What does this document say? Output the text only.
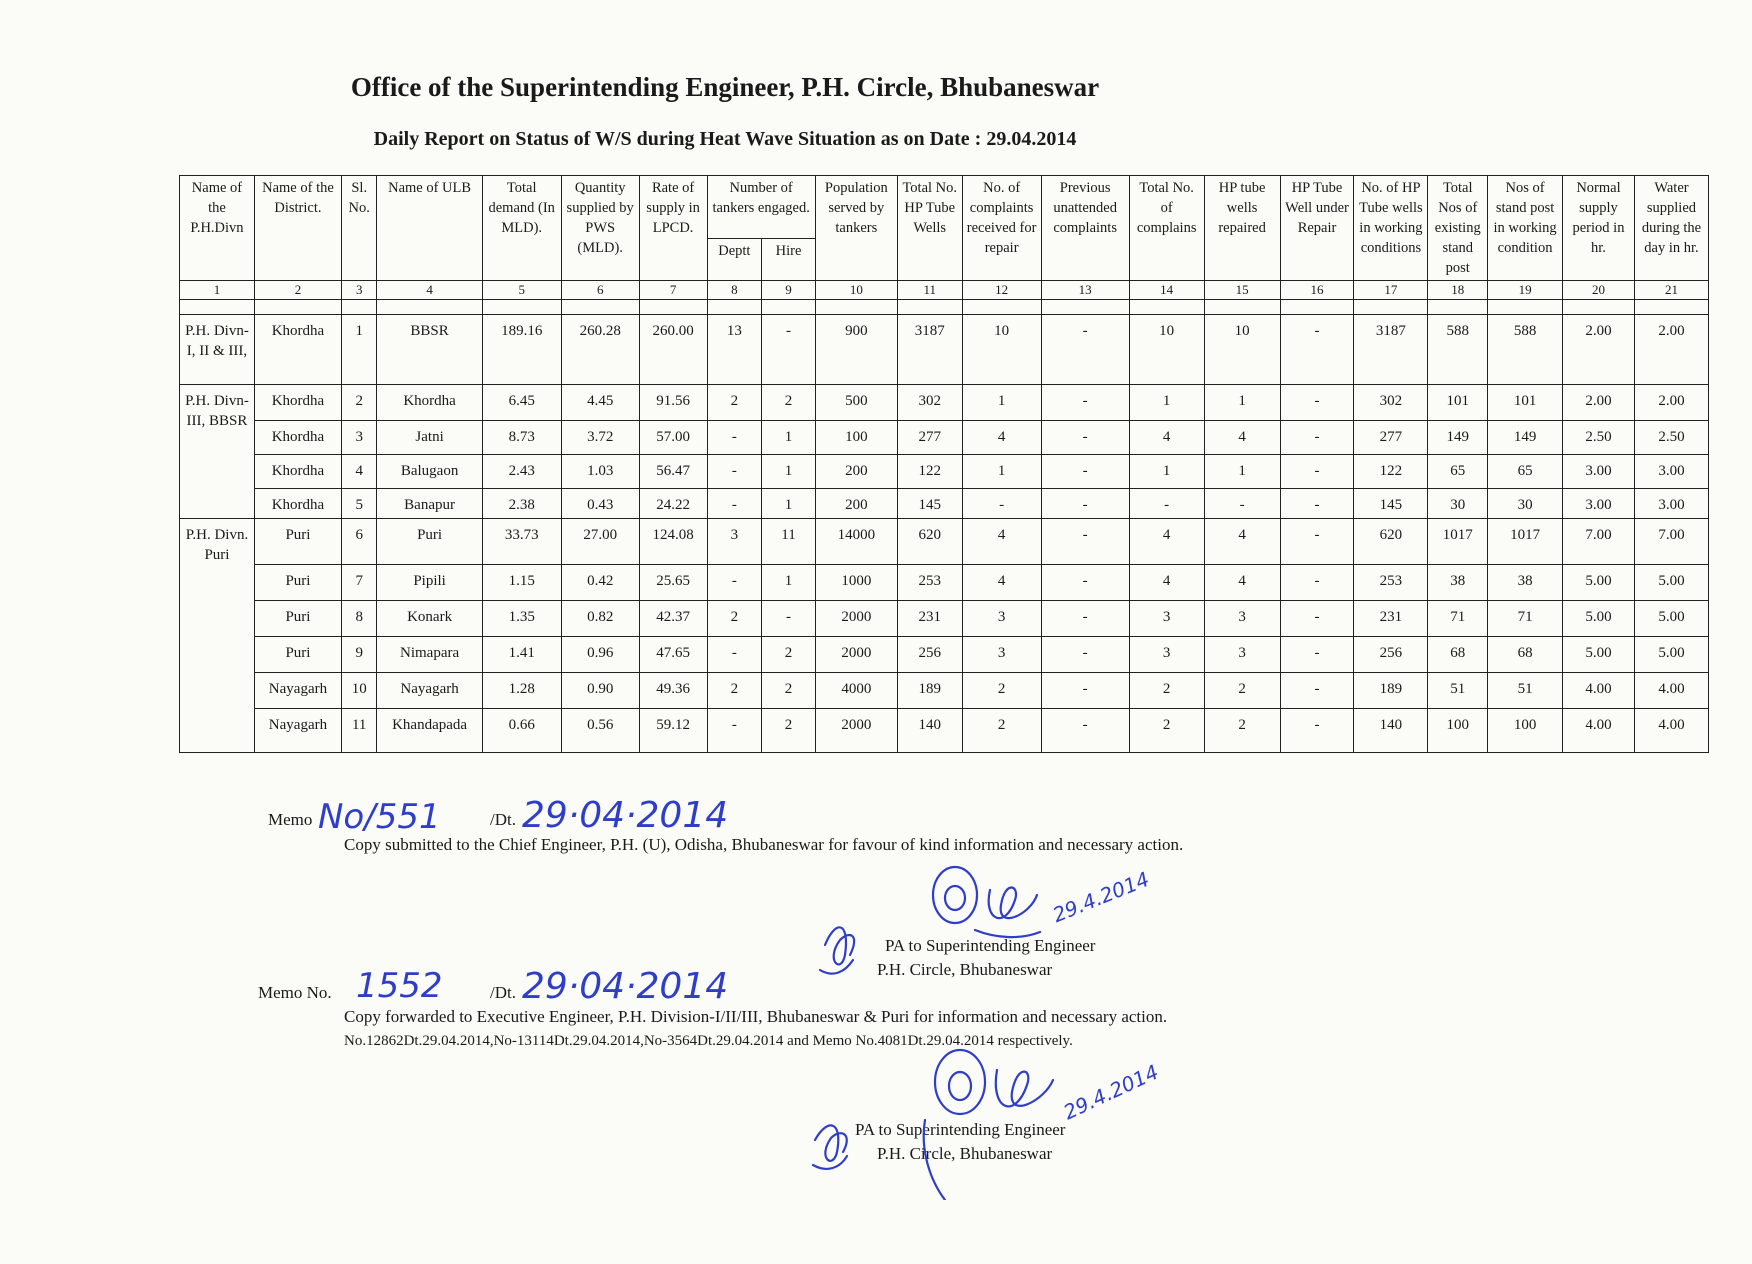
Office of the Superintending Engineer, P.H. Circle, Bhubaneswar
Daily Report on Status of W/S during Heat Wave Situation as on Date : 29.04.2014
Name of the P.H.Divn	Name of the District.	Sl. No.	Name of ULB	Total demand (In MLD).	Quantity supplied by PWS (MLD).	Rate of supply in LPCD.	Number of tankers engaged.		Population served by tankers	Total No. HP Tube Wells	No. of complaints received for repair	Previous unattended complaints	Total No. of complains	HP tube wells repaired	HP Tube Well under Repair	No. of HP Tube wells in working conditions	Total Nos of existing stand post	Nos of stand post in working condition	Normal supply period in hr.	Water supplied during the day in hr.
							Deptt	Hire												
1	2	3	4	5	6	7	8	9	10	11	12	13	14	15	16	17	18	19	20	21

P.H. Divn-I, II & III,	Khordha	1	BBSR	189.16	260.28	260.00	13	-	900	3187	10	-	10	10	-	3187	588	588	2.00	2.00
P.H. Divn-III, BBSR	Khordha	2	Khordha	6.45	4.45	91.56	2	2	500	302	1	-	1	1	-	302	101	101	2.00	2.00
	Khordha	3	Jatni	8.73	3.72	57.00	-	1	100	277	4	-	4	4	-	277	149	149	2.50	2.50
	Khordha	4	Balugaon	2.43	1.03	56.47	-	1	200	122	1	-	1	1	-	122	65	65	3.00	3.00
	Khordha	5	Banapur	2.38	0.43	24.22	-	1	200	145	-	-	-	-	-	145	30	30	3.00	3.00
P.H. Divn. Puri	Puri	6	Puri	33.73	27.00	124.08	3	11	14000	620	4	-	4	4	-	620	1017	1017	7.00	7.00
	Puri	7	Pipili	1.15	0.42	25.65	-	1	1000	253	4	-	4	4	-	253	38	38	5.00	5.00
	Puri	8	Konark	1.35	0.82	42.37	2	-	2000	231	3	-	3	3	-	231	71	71	5.00	5.00
	Puri	9	Nimapara	1.41	0.96	47.65	-	2	2000	256	3	-	3	3	-	256	68	68	5.00	5.00
	Nayagarh	10	Nayagarh	1.28	0.90	49.36	2	2	4000	189	2	-	2	2	-	189	51	51	4.00	4.00
	Nayagarh	11	Khandapada	0.66	0.56	59.12	-	2	2000	140	2	-	2	2	-	140	100	100	4.00	4.00
Memo No/551	/Dt. 29·04·2014
Copy submitted to the Chief Engineer, P.H. (U), Odisha, Bhubaneswar for favour of kind information and necessary action.
PA to Superintending Engineer
P.H. Circle, Bhubaneswar
29.4.2014
Memo No. 1552	/Dt. 29·04·2014
Copy forwarded to Executive Engineer, P.H. Division-I/II/III, Bhubaneswar & Puri for information and necessary action.
No.12862Dt.29.04.2014,No-13114Dt.29.04.2014,No-3564Dt.29.04.2014 and Memo No.4081Dt.29.04.2014 respectively.
PA to Superintending Engineer
P.H. Circle, Bhubaneswar
29.4.2014
